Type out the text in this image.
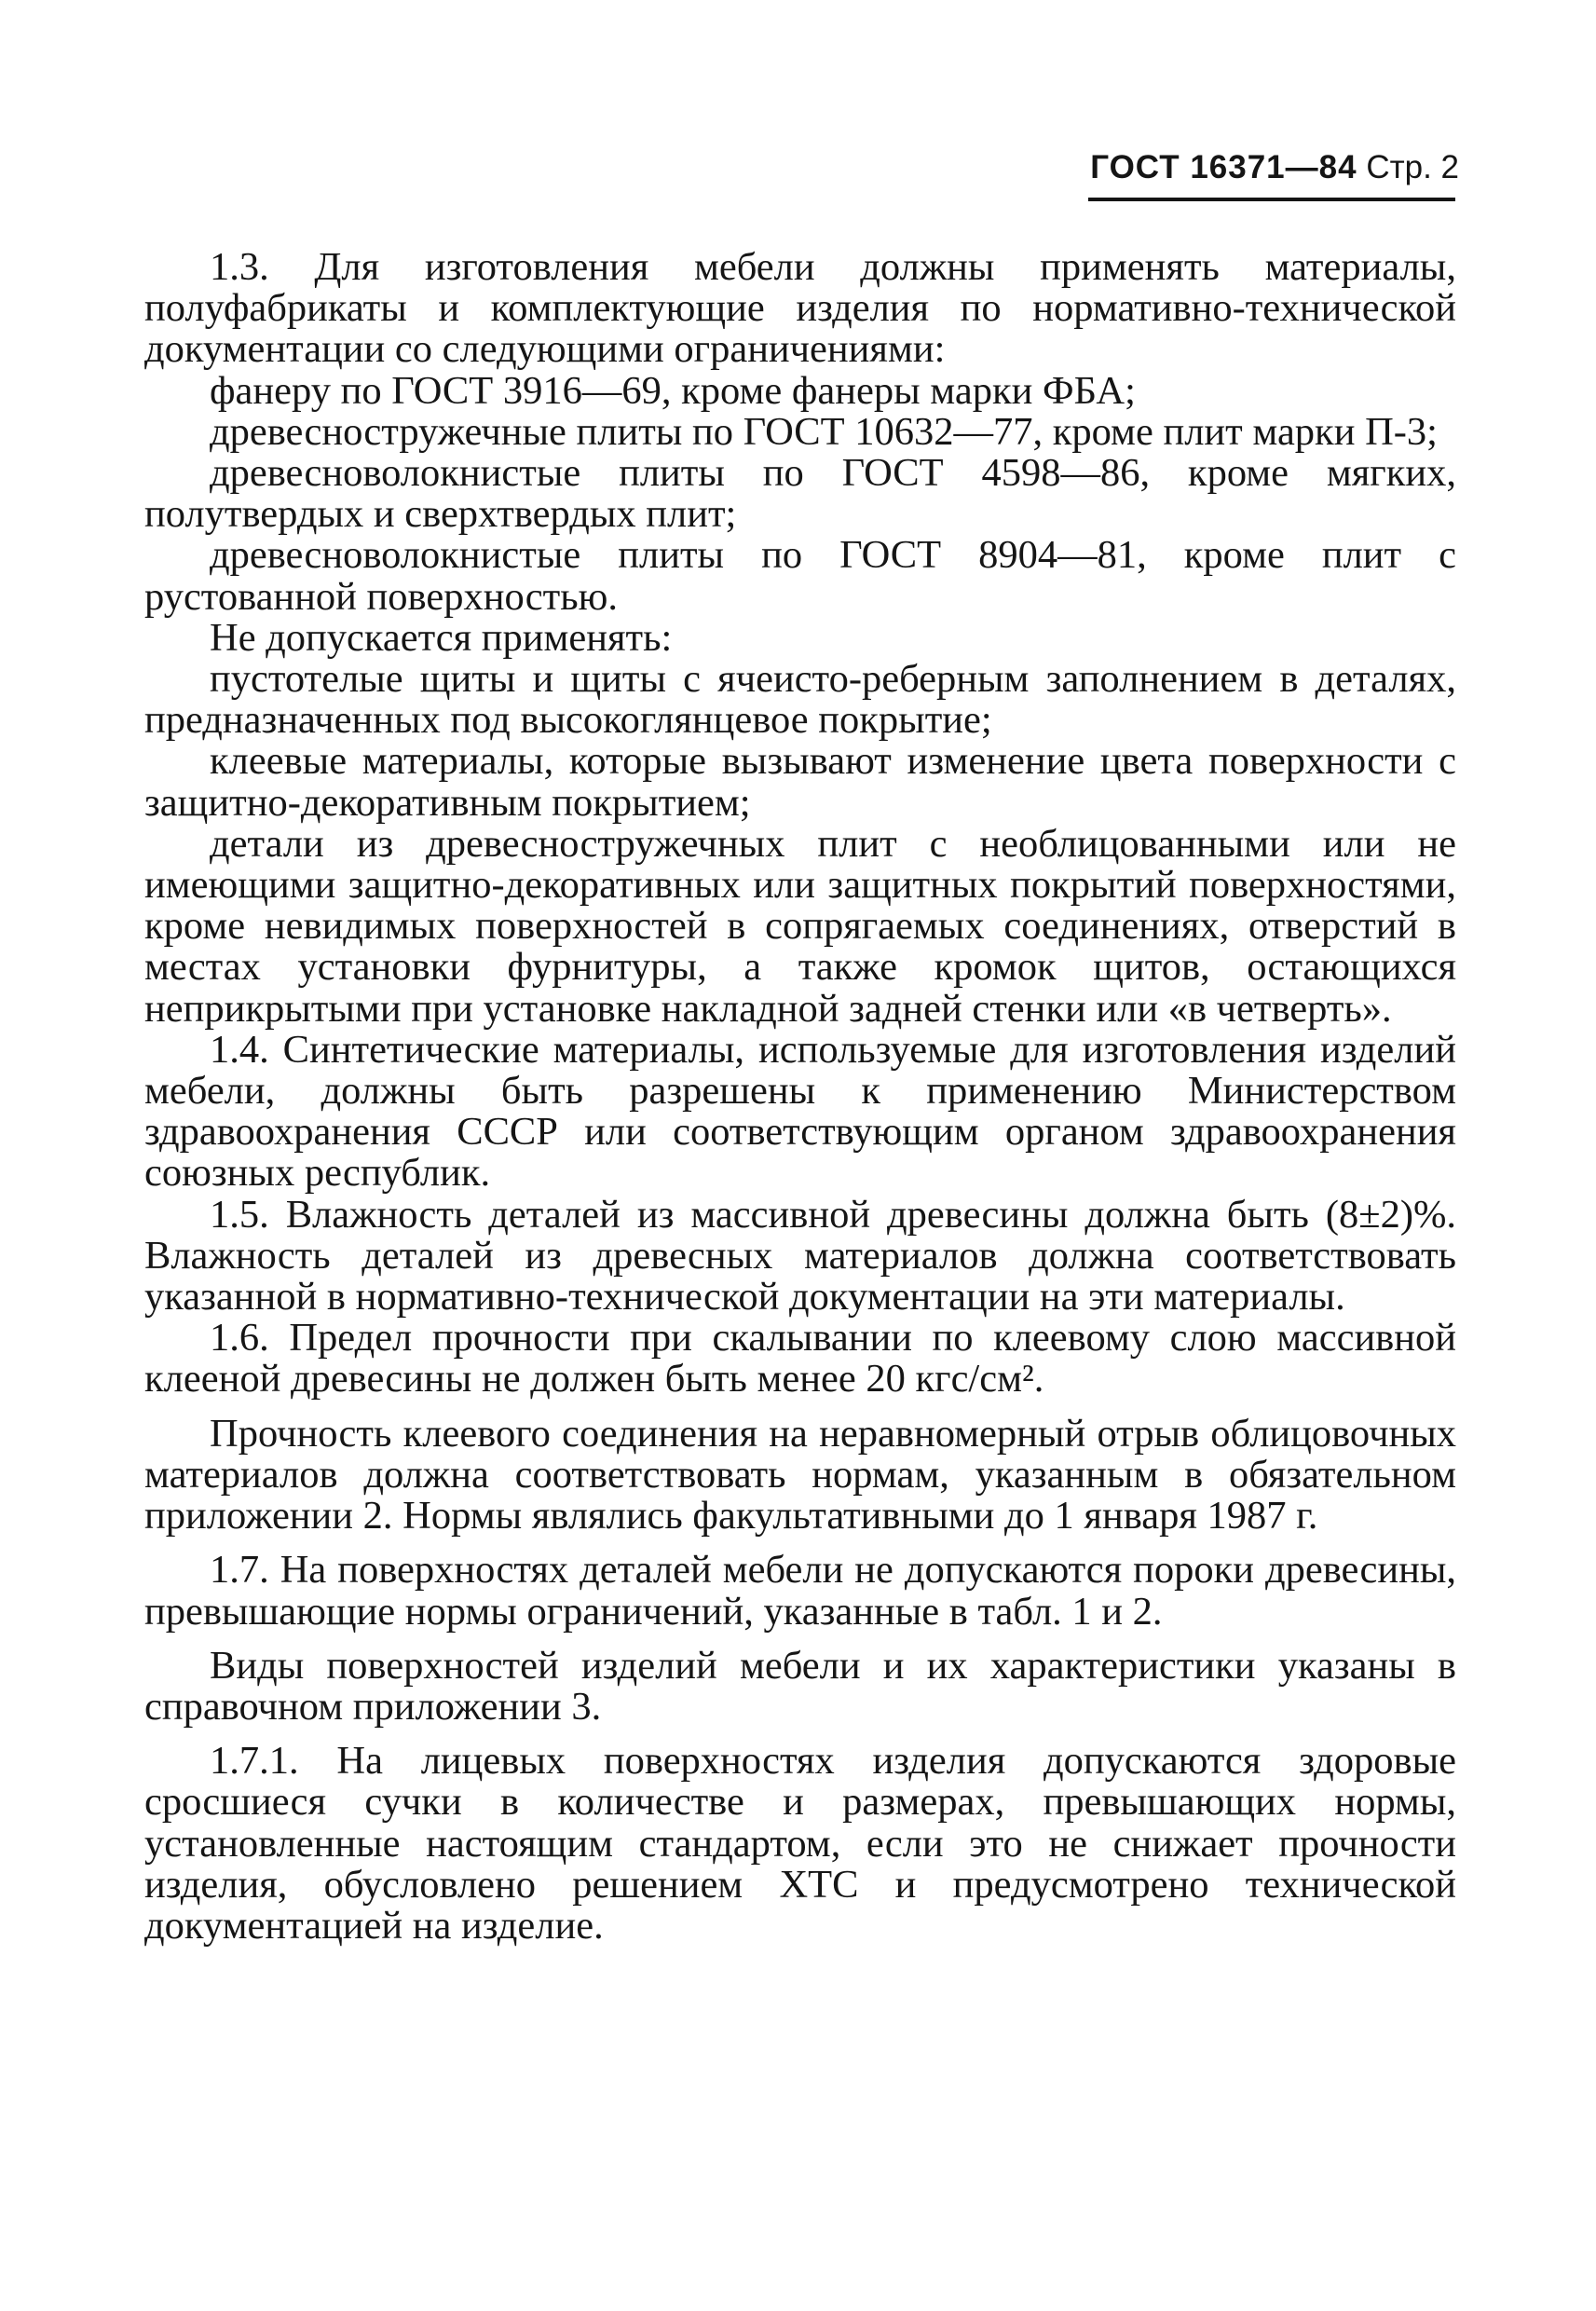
ГОСТ 16371—84 Стр. 2

1.3. Для изготовления мебели должны применять материалы, полуфабрикаты и комплектующие изделия по нормативно-технической документации со следующими ограничениями:

фанеру по ГОСТ 3916—69, кроме фанеры марки ФБА;

древесностружечные плиты по ГОСТ 10632—77, кроме плит марки П-3;

древесноволокнистые плиты по ГОСТ 4598—86, кроме мягких, полутвердых и сверхтвердых плит;

древесноволокнистые плиты по ГОСТ 8904—81, кроме плит с рустованной поверхностью.

Не допускается применять:

пустотелые щиты и щиты с ячеисто-реберным заполнением в деталях, предназначенных под высокоглянцевое покрытие;

клеевые материалы, которые вызывают изменение цвета поверхности с защитно-декоративным покрытием;

детали из древесностружечных плит с необлицованными или не имеющими защитно-декоративных или защитных покрытий поверхностями, кроме невидимых поверхностей в сопрягаемых соединениях, отверстий в местах установки фурнитуры, а также кромок щитов, остающихся неприкрытыми при установке накладной задней стенки или «в четверть».

1.4. Синтетические материалы, используемые для изготовления изделий мебели, должны быть разрешены к применению Министерством здравоохранения СССР или соответствующим органом здравоохранения союзных республик.

1.5. Влажность деталей из массивной древесины должна быть (8±2)%. Влажность деталей из древесных материалов должна соответствовать указанной в нормативно-технической документации на эти материалы.

1.6. Предел прочности при скалывании по клеевому слою массивной клееной древесины не должен быть менее 20 кгс/см².

Прочность клеевого соединения на неравномерный отрыв облицовочных материалов должна соответствовать нормам, указанным в обязательном приложении 2. Нормы являлись факультативными до 1 января 1987 г.

1.7. На поверхностях деталей мебели не допускаются пороки древесины, превышающие нормы ограничений, указанные в табл. 1 и 2.

Виды поверхностей изделий мебели и их характеристики указаны в справочном приложении 3.

1.7.1. На лицевых поверхностях изделия допускаются здоровые сросшиеся сучки в количестве и размерах, превышающих нормы, установленные настоящим стандартом, если это не снижает прочности изделия, обусловлено решением ХТС и предусмотрено технической документацией на изделие.
